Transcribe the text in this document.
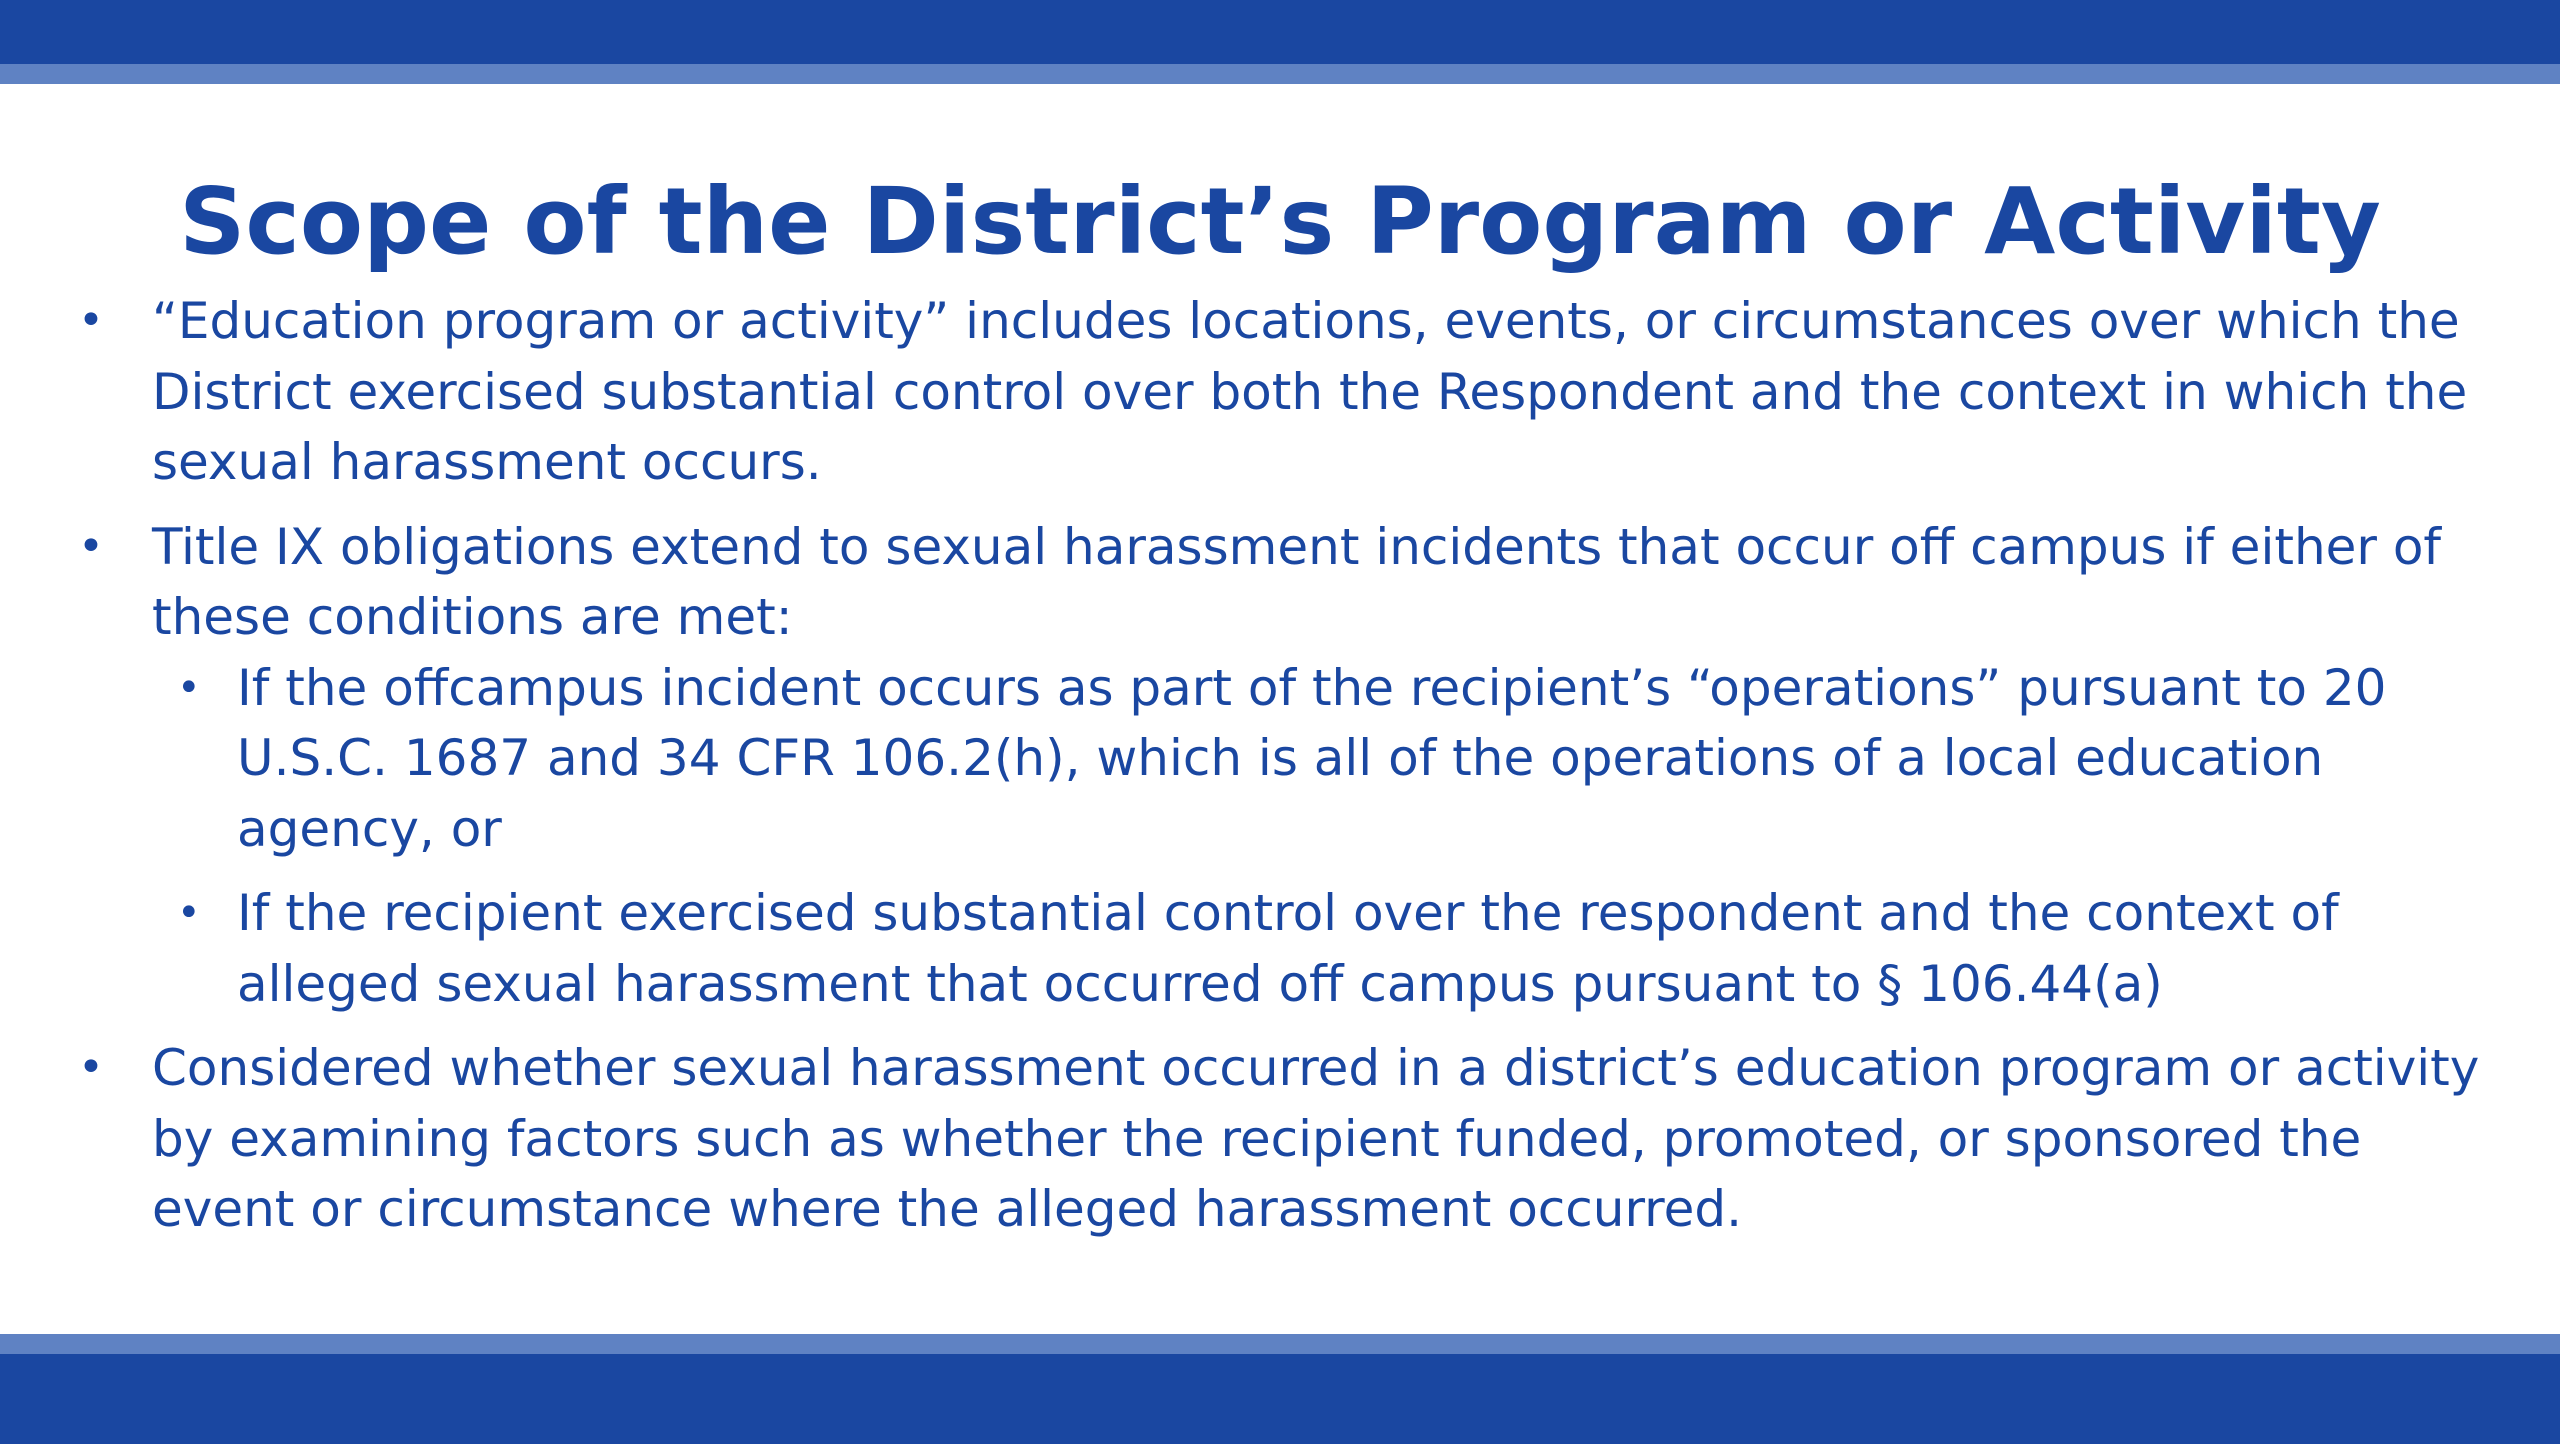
Scope of the District’s Program or Activity
• “Education program or activity” includes locations, events, or circumstances over which the District exercised substantial control over both the Respondent and the context in which the sexual harassment occurs.
• Title IX obligations extend to sexual harassment incidents that occur off campus if either of these conditions are met:
• If the offcampus incident occurs as part of the recipient’s “operations” pursuant to 20 U.S.C. 1687 and 34 CFR 106.2(h), which is all of the operations of a local education agency, or
• If the recipient exercised substantial control over the respondent and the context of alleged sexual harassment that occurred off campus pursuant to § 106.44(a)
• Considered whether sexual harassment occurred in a district’s education program or activity by examining factors such as whether the recipient funded, promoted, or sponsored the event or circumstance where the alleged harassment occurred.
